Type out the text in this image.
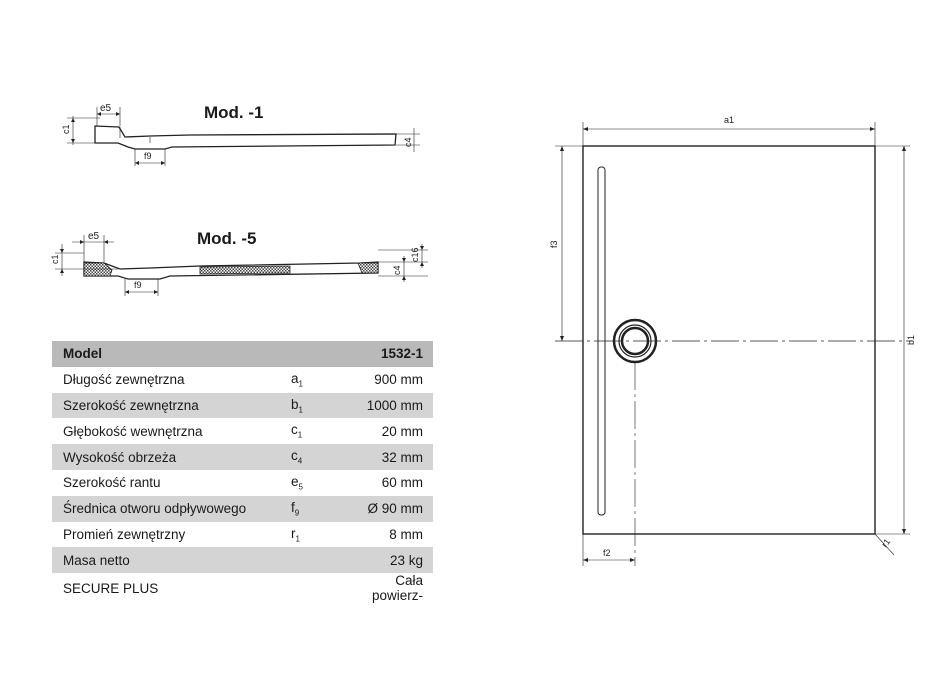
Mod. -1
Mod. -5
e5
c1
f9
c4
e5
c1
f9
c4
c16
Model		1532-1
Długość zewnętrzna	$a_1$	900 mm
Szerokość zewnętrzna	$b_1$	1000 mm
Głębokość wewnętrzna	$c_1$	20 mm
Wysokość obrzeża	$c_4$	32 mm
Szerokość rantu	$e_5$	60 mm
Średnica otworu odpływowego	$f_9$	Ø 90 mm
Promień zewnętrzny	$r_1$	8 mm
Masa netto		23 kg
SECURE PLUS		Cała powierz-
a1
b1
f3
f2
r1
